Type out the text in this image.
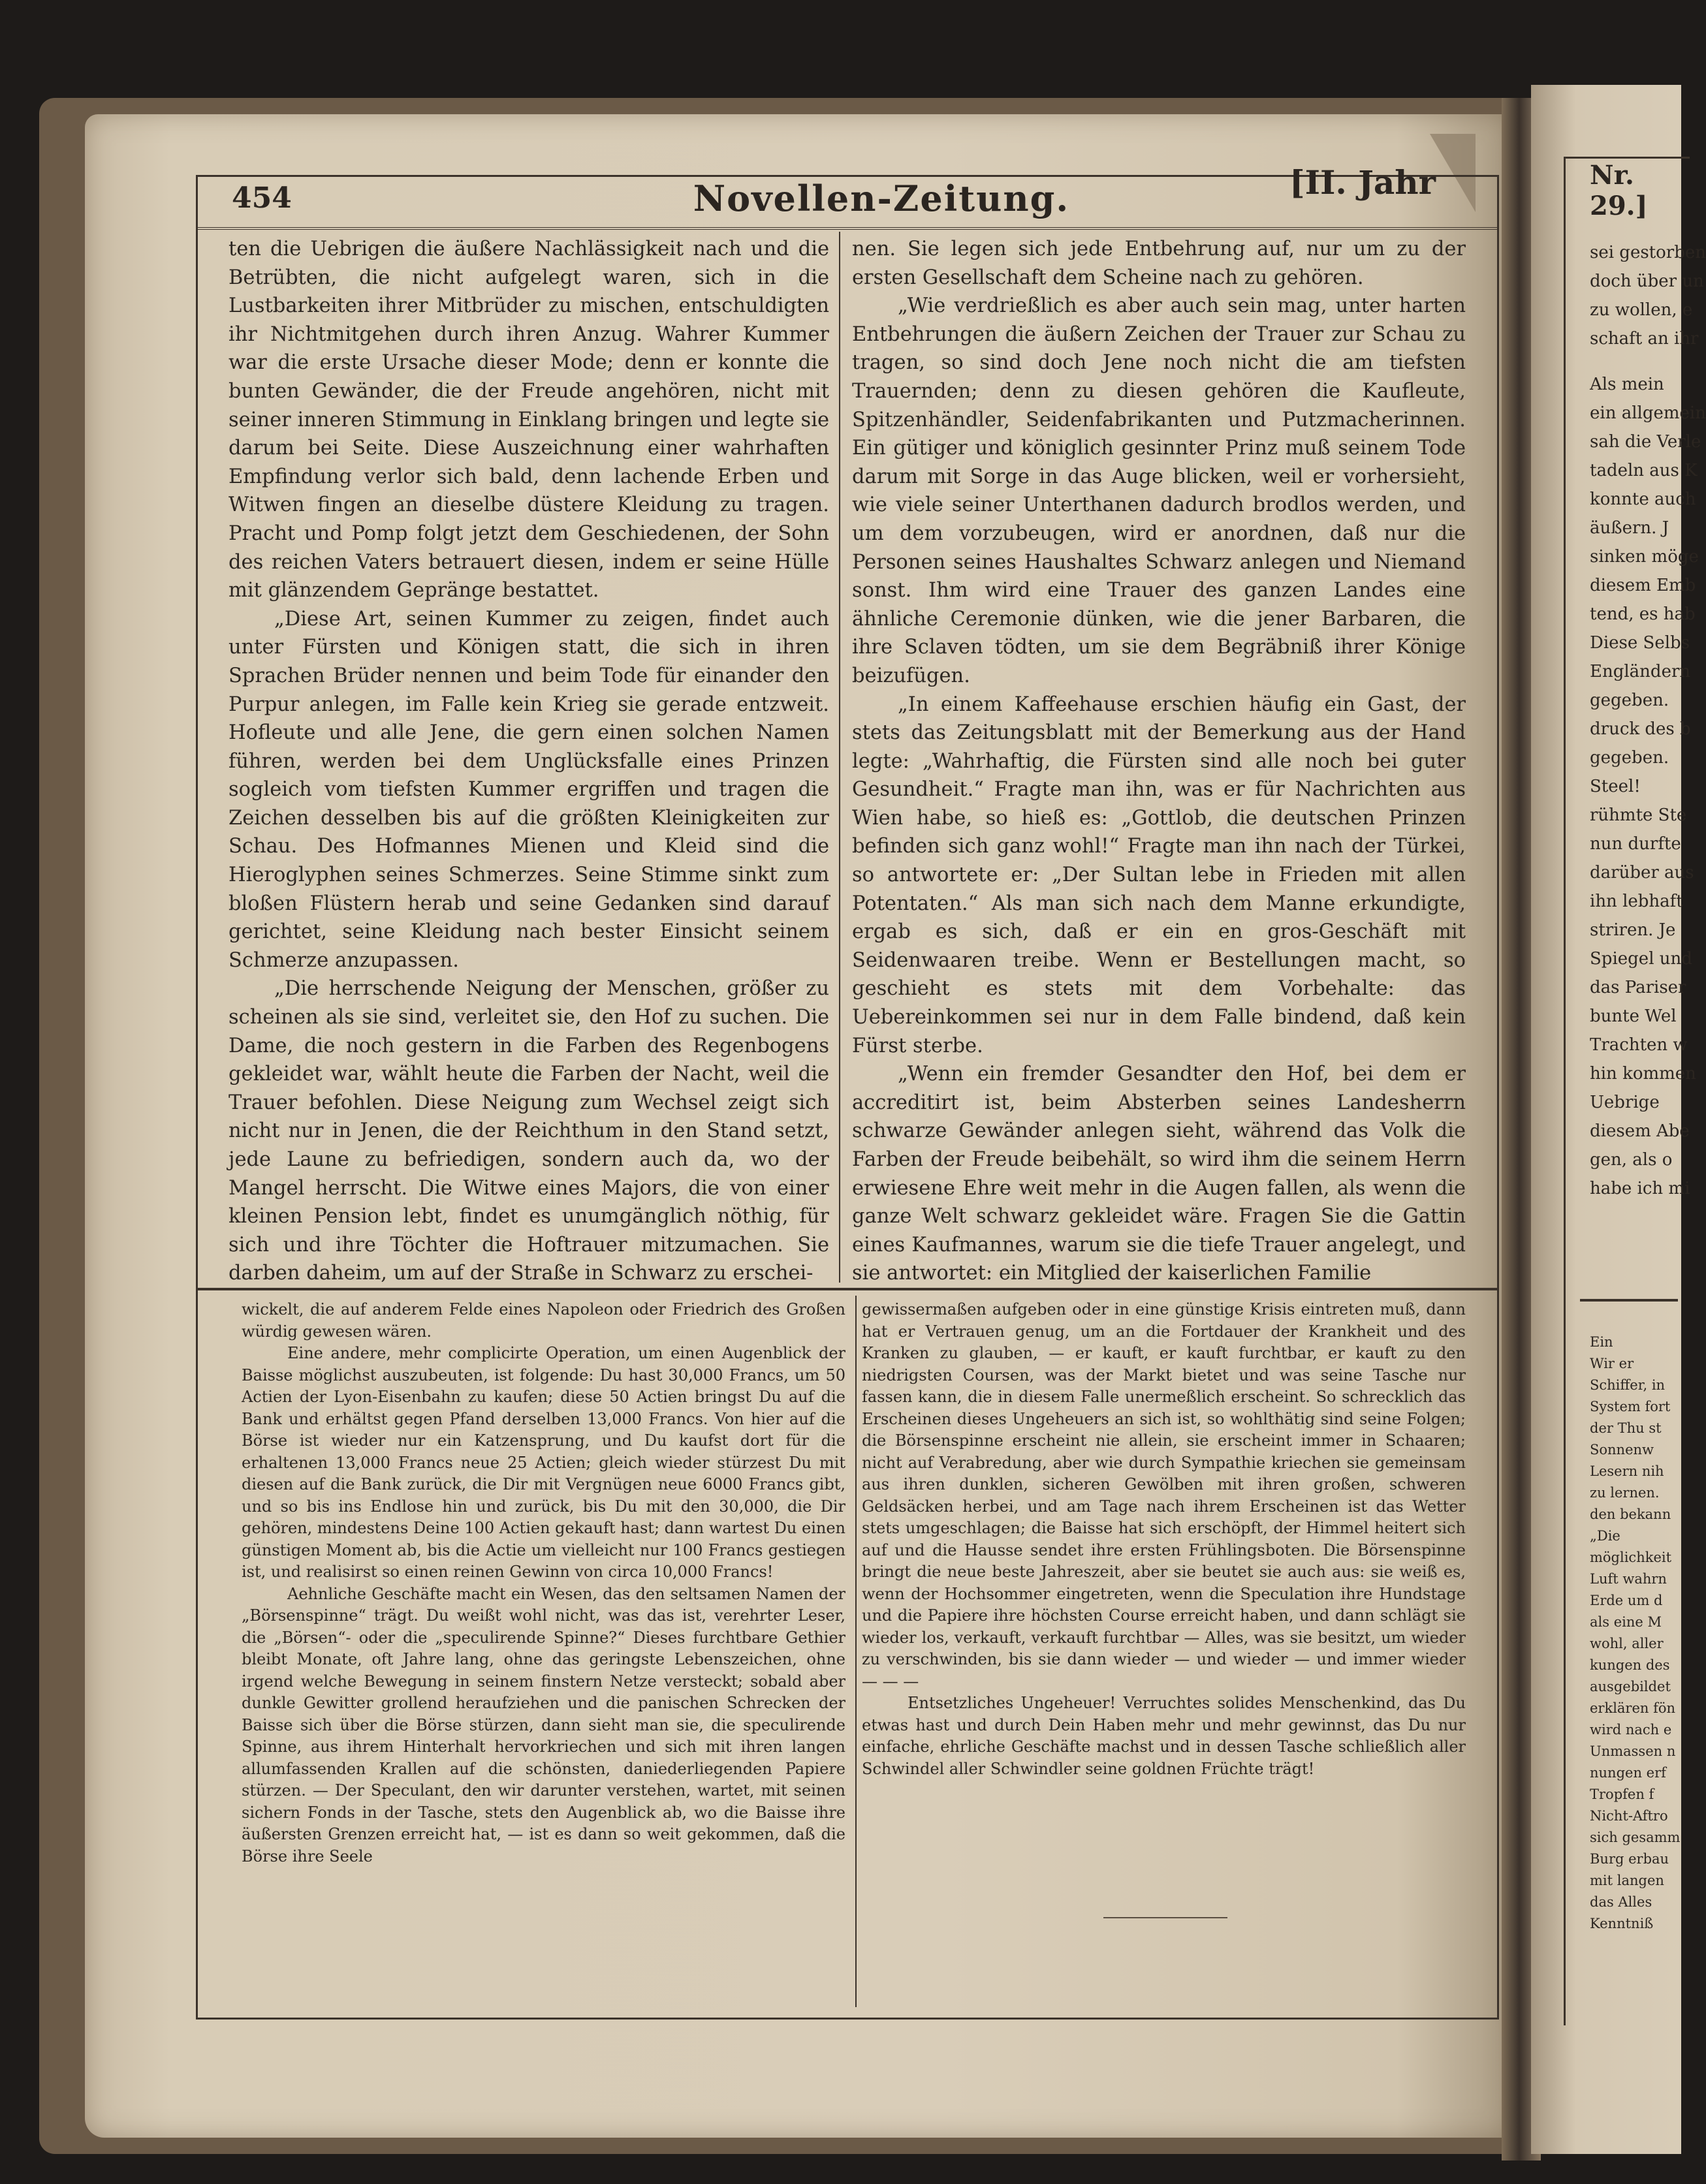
454	Novellen-Zeitung.	[II. Jahr

ten die Uebrigen die äußere Nachlässigkeit nach und die Betrübten, die nicht aufgelegt waren, sich in die Lustbarkeiten ihrer Mitbrüder zu mischen, entschuldigten ihr Nichtmitgehen durch ihren Anzug. Wahrer Kummer war die erste Ursache dieser Mode; denn er konnte die bunten Gewänder, die der Freude angehören, nicht mit seiner inneren Stimmung in Einklang bringen und legte sie darum bei Seite. Diese Auszeichnung einer wahrhaften Empfindung verlor sich bald, denn lachende Erben und Witwen fingen an dieselbe düstere Kleidung zu tragen. Pracht und Pomp folgt jetzt dem Geschiedenen, der Sohn des reichen Vaters betrauert diesen, indem er seine Hülle mit glänzendem Gepränge bestattet.

„Diese Art, seinen Kummer zu zeigen, findet auch unter Fürsten und Königen statt, die sich in ihren Sprachen Brüder nennen und beim Tode für einander den Purpur anlegen, im Falle kein Krieg sie gerade entzweit. Hofleute und alle Jene, die gern einen solchen Namen führen, werden bei dem Unglücksfalle eines Prinzen sogleich vom tiefsten Kummer ergriffen und tragen die Zeichen desselben bis auf die größten Kleinigkeiten zur Schau. Des Hofmannes Mienen und Kleid sind die Hieroglyphen seines Schmerzes. Seine Stimme sinkt zum bloßen Flüstern herab und seine Gedanken sind darauf gerichtet, seine Kleidung nach bester Einsicht seinem Schmerze anzupassen.

„Die herrschende Neigung der Menschen, größer zu scheinen als sie sind, verleitet sie, den Hof zu suchen. Die Dame, die noch gestern in die Farben des Regenbogens gekleidet war, wählt heute die Farben der Nacht, weil die Trauer befohlen. Diese Neigung zum Wechsel zeigt sich nicht nur in Jenen, die der Reichthum in den Stand setzt, jede Laune zu befriedigen, sondern auch da, wo der Mangel herrscht. Die Witwe eines Majors, die von einer kleinen Pension lebt, findet es unumgänglich nöthig, für sich und ihre Töchter die Hoftrauer mitzumachen. Sie darben daheim, um auf der Straße in Schwarz zu erschei-

nen. Sie legen sich jede Entbehrung auf, nur um zu der ersten Gesellschaft dem Scheine nach zu gehören.

„Wie verdrießlich es aber auch sein mag, unter harten Entbehrungen die äußern Zeichen der Trauer zur Schau zu tragen, so sind doch Jene noch nicht die am tiefsten Trauernden; denn zu diesen gehören die Kaufleute, Spitzenhändler, Seidenfabrikanten und Putzmacherinnen. Ein gütiger und königlich gesinnter Prinz muß seinem Tode darum mit Sorge in das Auge blicken, weil er vorhersieht, wie viele seiner Unterthanen dadurch brodlos werden, und um dem vorzubeugen, wird er anordnen, daß nur die Personen seines Haushaltes Schwarz anlegen und Niemand sonst. Ihm wird eine Trauer des ganzen Landes eine ähnliche Ceremonie dünken, wie die jener Barbaren, die ihre Sclaven tödten, um sie dem Begräbniß ihrer Könige beizufügen.

„In einem Kaffeehause erschien häufig ein Gast, der stets das Zeitungsblatt mit der Bemerkung aus der Hand legte: „Wahrhaftig, die Fürsten sind alle noch bei guter Gesundheit.“ Fragte man ihn, was er für Nachrichten aus Wien habe, so hieß es: „Gottlob, die deutschen Prinzen befinden sich ganz wohl!“ Fragte man ihn nach der Türkei, so antwortete er: „Der Sultan lebe in Frieden mit allen Potentaten.“ Als man sich nach dem Manne erkundigte, ergab es sich, daß er ein en gros-Geschäft mit Seidenwaaren treibe. Wenn er Bestellungen macht, so geschieht es stets mit dem Vorbehalte: das Uebereinkommen sei nur in dem Falle bindend, daß kein Fürst sterbe.

„Wenn ein fremder Gesandter den Hof, bei dem er accreditirt ist, beim Absterben seines Landesherrn schwarze Gewänder anlegen sieht, während das Volk die Farben der Freude beibehält, so wird ihm die seinem Herrn erwiesene Ehre weit mehr in die Augen fallen, als wenn die ganze Welt schwarz gekleidet wäre. Fragen Sie die Gattin eines Kaufmannes, warum sie die tiefe Trauer angelegt, und sie antwortet: ein Mitglied der kaiserlichen Familie

wickelt, die auf anderem Felde eines Napoleon oder Friedrich des Großen würdig gewesen wären.

Eine andere, mehr complicirte Operation, um einen Augenblick der Baisse möglichst auszubeuten, ist folgende: Du hast 30,000 Francs, um 50 Actien der Lyon-Eisenbahn zu kaufen; diese 50 Actien bringst Du auf die Bank und erhältst gegen Pfand derselben 13,000 Francs. Von hier auf die Börse ist wieder nur ein Katzensprung, und Du kaufst dort für die erhaltenen 13,000 Francs neue 25 Actien; gleich wieder stürzest Du mit diesen auf die Bank zurück, die Dir mit Vergnügen neue 6000 Francs gibt, und so bis ins Endlose hin und zurück, bis Du mit den 30,000, die Dir gehören, mindestens Deine 100 Actien gekauft hast; dann wartest Du einen günstigen Moment ab, bis die Actie um vielleicht nur 100 Francs gestiegen ist, und realisirst so einen reinen Gewinn von circa 10,000 Francs!

Aehnliche Geschäfte macht ein Wesen, das den seltsamen Namen der „Börsenspinne“ trägt. Du weißt wohl nicht, was das ist, verehrter Leser, die „Börsen“- oder die „speculirende Spinne?“ Dieses furchtbare Gethier bleibt Monate, oft Jahre lang, ohne das geringste Lebenszeichen, ohne irgend welche Bewegung in seinem finstern Netze versteckt; sobald aber dunkle Gewitter grollend heraufziehen und die panischen Schrecken der Baisse sich über die Börse stürzen, dann sieht man sie, die speculirende Spinne, aus ihrem Hinterhalt hervorkriechen und sich mit ihren langen allumfassenden Krallen auf die schönsten, daniederliegenden Papiere stürzen. — Der Speculant, den wir darunter verstehen, wartet, mit seinen sichern Fonds in der Tasche, stets den Augenblick ab, wo die Baisse ihre äußersten Grenzen erreicht hat, — ist es dann so weit gekommen, daß die Börse ihre Seele

gewissermaßen aufgeben oder in eine günstige Krisis eintreten muß, dann hat er Vertrauen genug, um an die Fortdauer der Krankheit und des Kranken zu glauben, — er kauft, er kauft furchtbar, er kauft zu den niedrigsten Coursen, was der Markt bietet und was seine Tasche nur fassen kann, die in diesem Falle unermeßlich erscheint. So schrecklich das Erscheinen dieses Ungeheuers an sich ist, so wohlthätig sind seine Folgen; die Börsenspinne erscheint nie allein, sie erscheint immer in Schaaren; nicht auf Verabredung, aber wie durch Sympathie kriechen sie gemeinsam aus ihren dunklen, sicheren Gewölben mit ihren großen, schweren Geldsäcken herbei, und am Tage nach ihrem Erscheinen ist das Wetter stets umgeschlagen; die Baisse hat sich erschöpft, der Himmel heitert sich auf und die Hausse sendet ihre ersten Frühlingsboten. Die Börsenspinne bringt die neue beste Jahreszeit, aber sie beutet sie auch aus: sie weiß es, wenn der Hochsommer eingetreten, wenn die Speculation ihre Hundstage und die Papiere ihre höchsten Course erreicht haben, und dann schlägt sie wieder los, verkauft, verkauft furchtbar — Alles, was sie besitzt, um wieder zu verschwinden, bis sie dann wieder — und wieder — und immer wieder — — —

Entsetzliches Ungeheuer! Verruchtes solides Menschenkind, das Du etwas hast und durch Dein Haben mehr und mehr gewinnst, das Du nur einfache, ehrliche Geschäfte machst und in dessen Tasche schließlich aller Schwindel aller Schwindler seine goldnen Früchte trägt!

Nr. 29.]
sei gestorben
doch über un
zu wollen, e
schaft an ihr
Als mein
ein allgemein
sah die Verle
tadeln aus K
konnte auch
äußern. J
sinken möge
diesem Emb
tend, es hab
Diese Selbs
Engländern
gegeben.
druck des b
gegeben.
Steel!
rühmte Ste
nun durfte
darüber aus
ihn lebhaft
striren. Je
Spiegel und
das Pariser
bunte Wel
Trachten w
hin kommen
Uebrige
diesem Abe
gen, als o
habe ich mi
Ein
Wir er
Schiffer, in
System fort
der Thu st
Sonnenw
Lesern nih
zu lernen.
den bekann
„Die
möglichkeit
Luft wahrn
Erde um d
als eine M
wohl, aller
kungen des
ausgebildet
erklären fön
wird nach e
Unmassen n
nungen erf
Tropfen f
Nicht-Aftro
sich gesamm
Burg erbau
mit langen
das Alles
Kenntniß
